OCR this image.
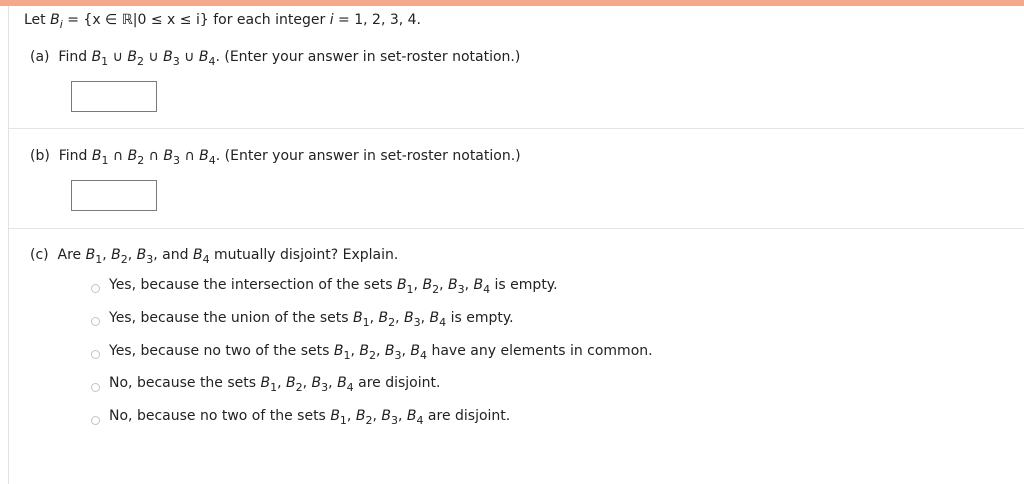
Let $B_i = \{x$ ∈ ℝ|0 ≤ x ≤ i} for each integer i = 1, 2, 3, 4.
(a) Find $B_1$ ∪ $B_2$ ∪ $B_3$ ∪ $B_4$. (Enter your answer in set-roster notation.)
(b) Find $B_1$ ∩ $B_2$ ∩ $B_3$ ∩ $B_4$. (Enter your answer in set-roster notation.)
(c) Are $B_1$, $B_2$, $B_3$, and $B_4$ mutually disjoint? Explain.
Yes, because the intersection of the sets $B_1$, $B_2$, $B_3$, $B_4$ is empty.
Yes, because the union of the sets $B_1$, $B_2$, $B_3$, $B_4$ is empty.
Yes, because no two of the sets $B_1$, $B_2$, $B_3$, $B_4$ have any elements in common.
No, because the sets $B_1$, $B_2$, $B_3$, $B_4$ are disjoint.
No, because no two of the sets $B_1$, $B_2$, $B_3$, $B_4$ are disjoint.
